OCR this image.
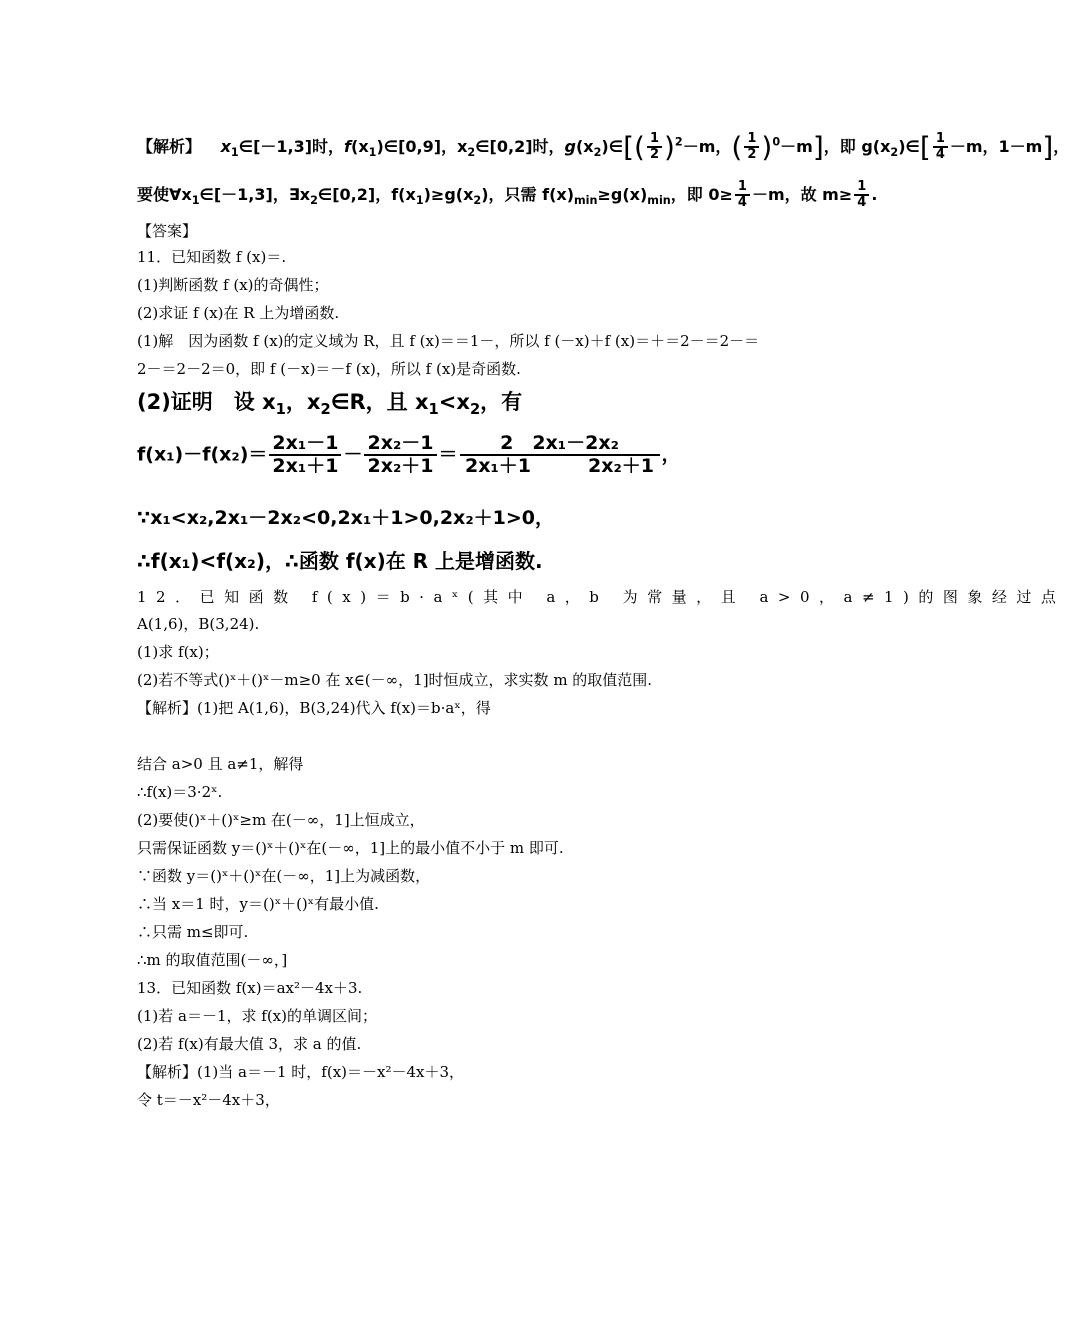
【解析】 $x_1\in[-1,3]$时，$f(x_1)\in[0,9]$，$x_2\in[0,2]$时，$g(x_2)\in[( \frac{1}{2} )^2-m$，( $\frac{1}{2} )^0-m$]，即 $g(x_2)\in[ \frac{1}{4} -m$，1－m]，
要使$\forall x_1\in[-1,3]$，$\exists x_2\in[0,2]$，$f(x_1)\ge g(x_2)$，只需 $f(x)_{min}\ge g(x)_{min}$，即 $0\ge \frac{1}{4} -m$，故 $m\ge \frac{1}{4}$ .
【答案】
11．已知函数 f (x)＝.
(1)判断函数 f (x)的奇偶性；
(2)求证 f (x)在 R 上为增函数.
(1)解　因为函数 f (x)的定义域为 R，且 f (x)＝＝1－，所以 f (－x)＋f (x)＝＋＝2－＝2－＝
2－＝2－2＝0，即 f (－x)＝－f (x)，所以 f (x)是奇函数.
(2)证明　设 $x_1$，$x_2\in R$，且 $x_1<x_2$，有
$f(x_1)-f(x_2)= \frac{\text{2x₁－1}}{\text{2x₁＋1}} - \frac{\text{2x₂－1}}{\text{2x₂＋1}} = \frac{\text{2　2x₁－2x₂}}{\text{2x₁＋1　　　2x₂＋1}}$ ，
∵x₁<x₂,2x₁－2x₂<0,2x₁＋1>0,2x₂＋1>0，
∴f(x₁)<f(x₂)，∴函数 f(x)在 R 上是增函数.
12．已知函数 f(x)＝b·aˣ(其中 a，b 为常量，且 a>0，a≠1)的图象经过点
A(1,6)，B(3,24).
(1)求 f(x)；
(2)若不等式()ˣ＋()ˣ－m≥0 在 x∈(－∞，1]时恒成立，求实数 m 的取值范围.
【解析】(1)把 A(1,6)，B(3,24)代入 f(x)＝b·aˣ，得
结合 a>0 且 a≠1，解得
∴f(x)＝3·2ˣ.
(2)要使()ˣ＋()ˣ≥m 在(－∞，1]上恒成立，
只需保证函数 y＝()ˣ＋()ˣ在(－∞，1]上的最小值不小于 m 即可.
∵函数 y＝()ˣ＋()ˣ在(－∞，1]上为减函数，
∴当 x＝1 时，y＝()ˣ＋()ˣ有最小值.
∴只需 m≤即可.
∴m 的取值范围(－∞，]
13．已知函数 f(x)＝ax²－4x＋3.
(1)若 a＝－1，求 f(x)的单调区间；
(2)若 f(x)有最大值 3，求 a 的值.
【解析】(1)当 a＝－1 时，f(x)＝－x²－4x＋3，
令 t＝－x²－4x＋3，
